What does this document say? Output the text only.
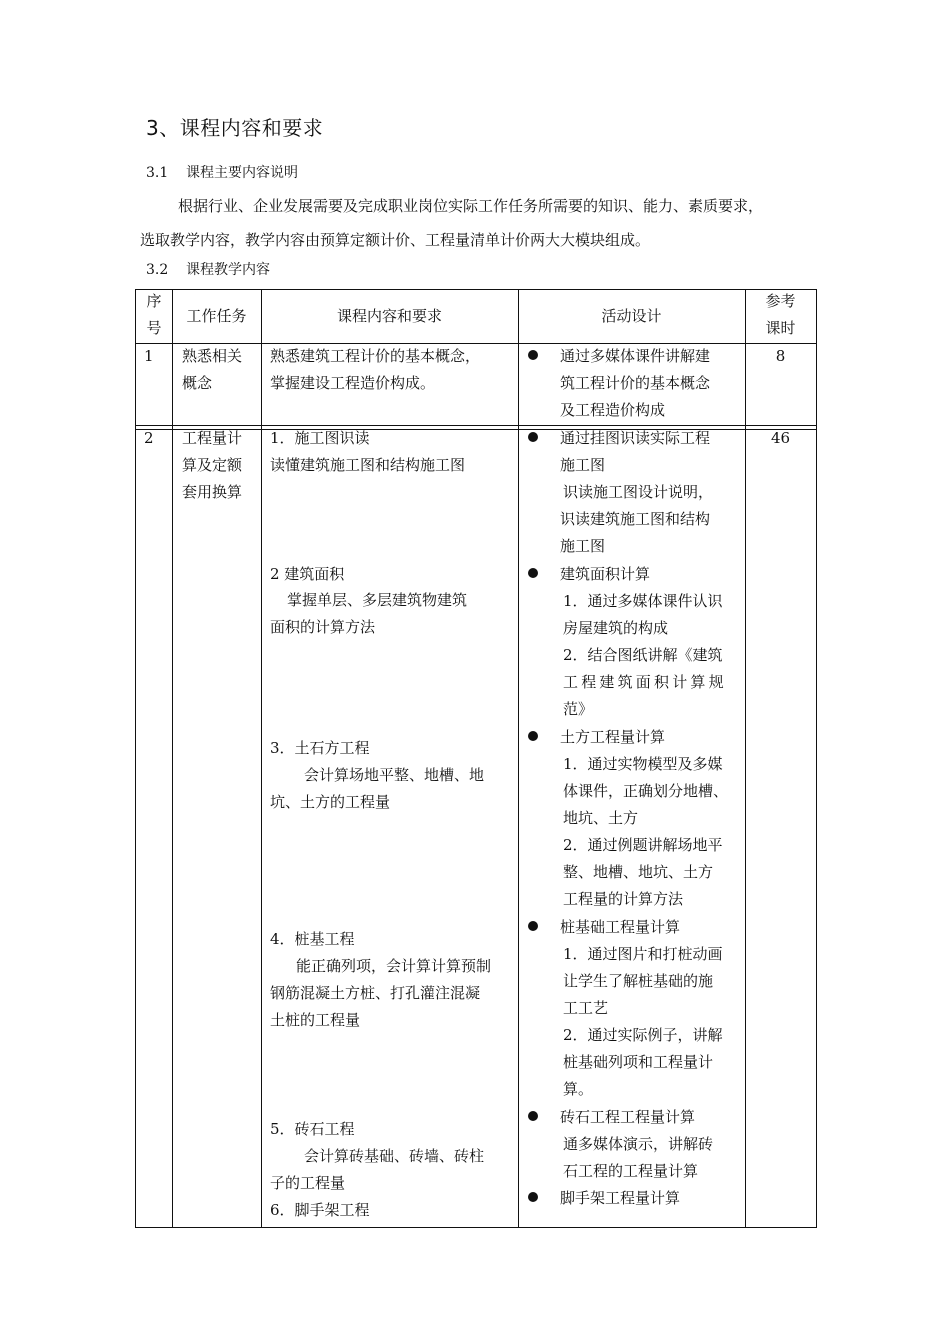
3、课程内容和要求
3.1 课程主要内容说明

根据行业、企业发展需要及完成职业岗位实际工作任务所需要的知识、能力、素质要求，

选取教学内容，教学内容由预算定额计价、工程量清单计价两大大模块组成。

3.2 课程教学内容
序
号
工作任务	课程内容和要求	活动设计
参考
课时
1 熟悉相关
概念
熟悉建筑工程计价的基本概念，
掌握建设工程造价构成。
通过多媒体课件讲解建
筑工程计价的基本概念
及工程造价构成
8
2 工程量计
算及定额
套用换算
46
1．施工图识读
读懂建筑施工图和结构施工图
2 建筑面积
掌握单层、多层建筑物建筑
面积的计算方法
3．土石方工程
会计算场地平整、地槽、地
坑、土方的工程量
4．桩基工程
能正确列项，会计算计算预制
钢筋混凝土方桩、打孔灌注混凝
土桩的工程量
5．砖石工程
会计算砖基础、砖墙、砖柱
子的工程量
6．脚手架工程
通过挂图识读实际工程
施工图
识读施工图设计说明，
识读建筑施工图和结构
施工图
建筑面积计算
1．通过多媒体课件认识
房屋建筑的构成
2．结合图纸讲解《建筑
工程建筑面积计算规
范》
土方工程量计算
1．通过实物模型及多媒
体课件，正确划分地槽、
地坑、土方
2．通过例题讲解场地平
整、地槽、地坑、土方
工程量的计算方法
桩基础工程量计算
1．通过图片和打桩动画
让学生了解桩基础的施
工工艺
2．通过实际例子，讲解
桩基础列项和工程量计
算。
砖石工程工程量计算
通多媒体演示，讲解砖
石工程的工程量计算
脚手架工程量计算
